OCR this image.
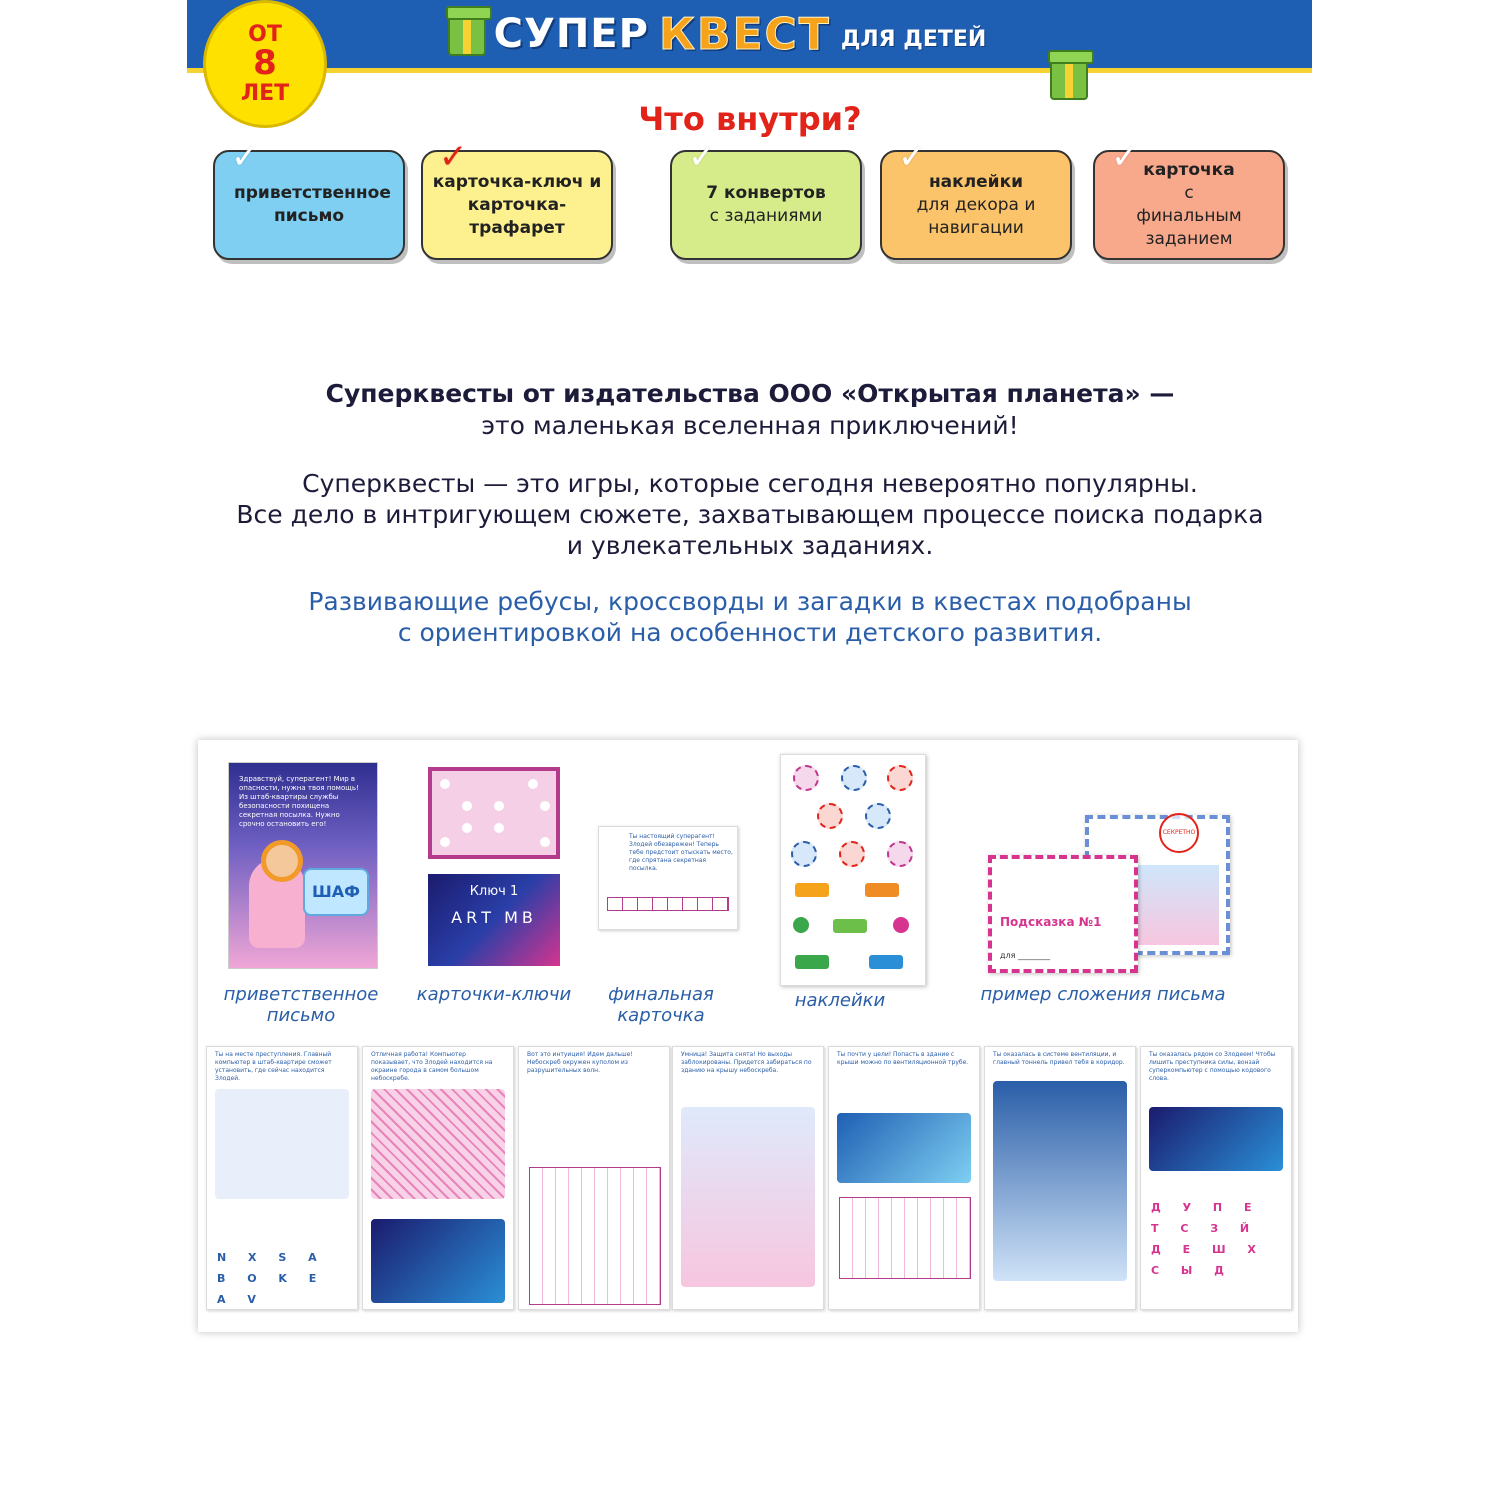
СУПЕР КВЕСТ ДЛЯ ДЕТЕЙ
ОТ
8
ЛЕТ
Что внутри?
✓
приветственное письмо
✓
карточка-ключ и карточка-трафарет
✓
7 конвертов
с заданиями
✓
наклейки
для декора и навигации
✓ карточка
с финальным заданием
Суперквесты от издательства ООО «Открытая планета» —
это маленькая вселенная приключений!
Суперквесты — это игры, которые сегодня невероятно популярны.
Все дело в интригующем сюжете, захватывающем процессе поиска подарка
и увлекательных заданиях.
Развивающие ребусы, кроссворды и загадки в квестах подобраны
с ориентировкой на особенности детского развития.
Здравствуй, суперагент! Мир в опасности, нужна твоя помощь! Из штаб-квартиры службы безопасности похищена секретная посылка. Нужно срочно остановить его!
ШАФ
приветственное письмо
Ключ 1
ΑRΤ МВ
карточки-ключи
Ты настоящий суперагент! Злодей обезврежен! Теперь тебе предстоит отыскать место, где спрятана секретная посылка.
финальная карточка
наклейки
СЕКРЕТНО
Подсказка №1
для ________
пример сложения письма
Ты на месте преступления. Главный компьютер в штаб-квартире сможет установить, где сейчас находится Злодей.
N X S A B O K E A V
Отличная работа! Компьютер показывает, что Злодей находится на окраине города в самом большом небоскребе.
Вот это интуиция! Идем дальше! Небоскреб окружен куполом из разрушительных волн.
Умница! Защита снята! Но выходы заблокированы. Придется забираться по зданию на крышу небоскреба.
Ты почти у цели! Попасть в здание с крыши можно по вентиляционной трубе.
Ты оказалась в системе вентиляции, и главный тоннель привел тебя в коридор.
Ты оказалась рядом со Злодеем! Чтобы лишить преступника силы, вонзай суперкомпьютер с помощью кодового слова.
Д У П Е Т С З Й Д Е Ш Х С Ы Д
